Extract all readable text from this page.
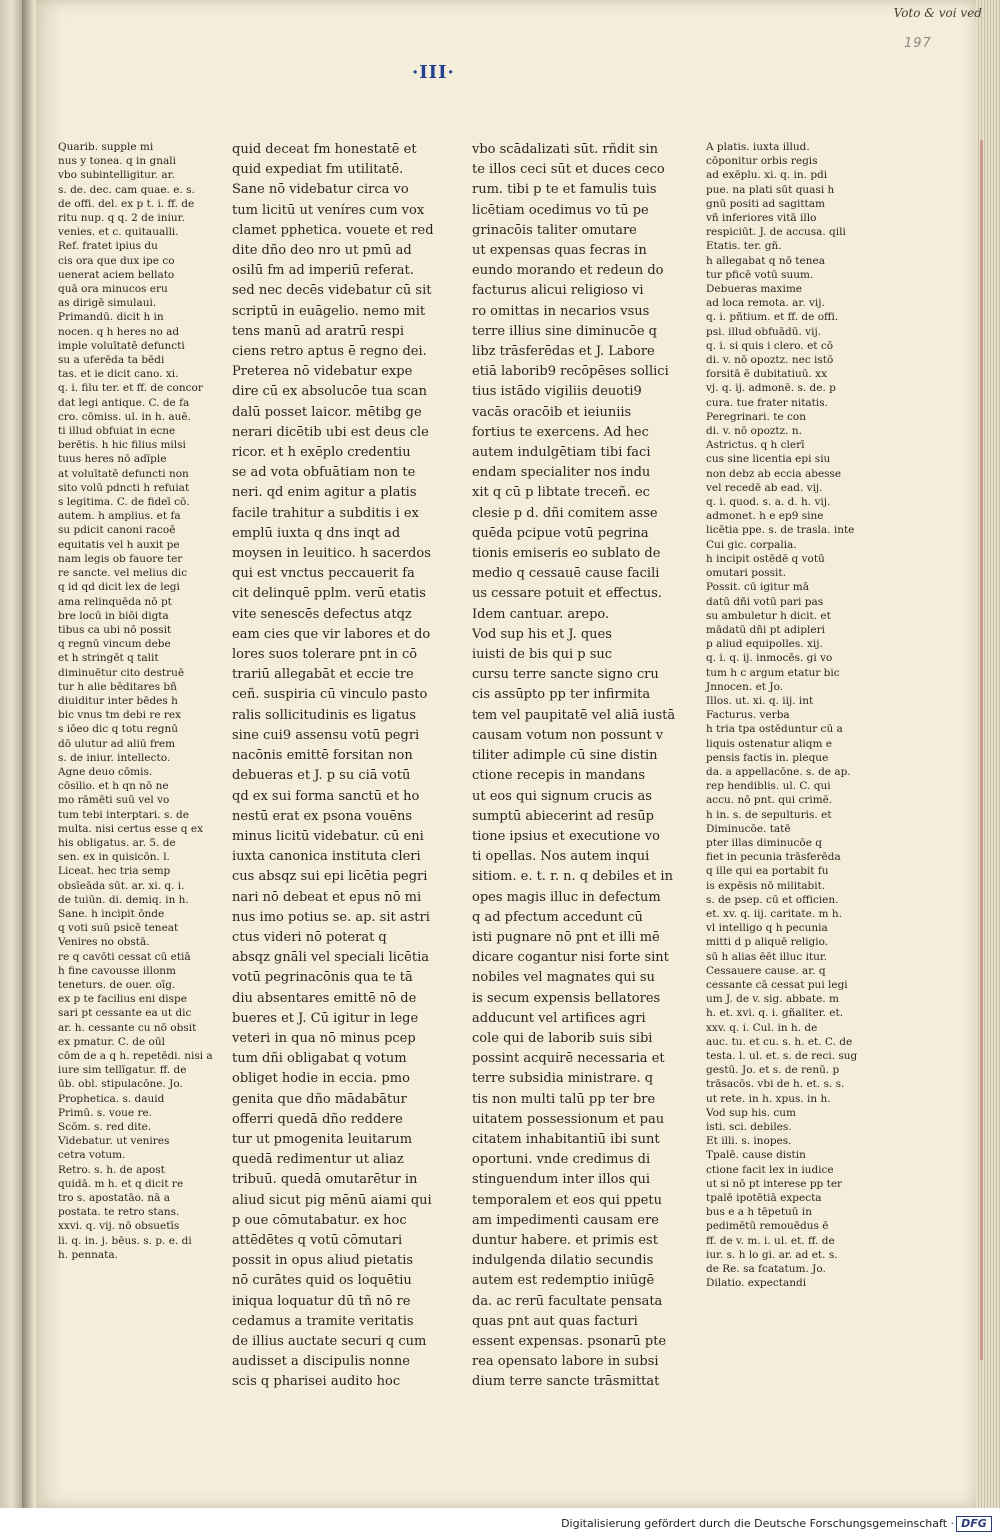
Voto & voi ved
197
·III·
Quarib. supple mi
nus y tonea. q in gnali
vbo subintelligitur. ar.
s. de. dec. cam quae. e. s.
de offi. del. ex p t. i. ff. de
ritu nup. q q. 2 de iniur.
venies. et c. quitaualli.
Ref. fratet ipius du
cis ora que dux ipe co
uenerat aciem bellato
quā ora minucos eru
as dirigē simulaui.
Primandū. dicit h in
nocen. q h heres no ad
imple voluītatē defuncti
su a uferēda ta bēdi
tas. et ie dicit cano. xi.
q. i. filu ter. et ff. de concor
dat legi antique. C. de fa
cro. cōmiss. ul. in h. auē.
ti illud obfuiat in ecne
berētis. h hic filius milsi
tuus heres nō adīple
at voluītatē defuncti non
sito volū pdncti h refuiat
s legitima. C. de fideī cō.
autem. h amplius. et fa
su pdicit canoni racoē
equitatis vel h auxit pe
nam legis ob fauore ter
re sancte. vel melius dic
q id qd dicit lex de legi
ama relinquēda nō pt
bre locū in biōi digta
tibus ca ubi nō possit
q regnū vincum debe
et h stringēt q talit
diminuētur cito destruē
tur h alie bēditares bñ
diuiditur inter bēdes h
bic vnus tm debi re rex
s iōeo dic q totu regnū
dō ulutur ad aliū frem
s. de iniur. intellecto.
Agne deuo cōmis.
cōsilio. et h qn nō ne
mo rāmēti suū vel vo
tum tebi interptari. s. de
multa. nisi certus esse q ex
his obligatus. ar. 5. de
sen. ex in quisicōn. l.
Liceat. hec tria semp
obsīeāda sūt. ar. xi. q. i.
de tuiūn. di. demiq. in h.
Sane. h incipit ōnde
q voti suū psicē teneat
Venires no obstā.
re q cavōti cessat cū etiā
h fine cavousse illonm
teneturs. de ouer. oīg.
ex p te facilius eni dispe
sari pt cessante ea ut dic
ar. h. cessante cu nō obsit
ex pmatur. C. de oūl
cōm de a q h. repetēdi. nisi a
iure sim tellīgatur. ff. de
ūb. obl. stipulacōne. Jo.
Prophetica. s. dauid
Primū. s. voue re.
Scōm. s. red dite.
Videbatur. ut venires
cetra votum.
Retro. s. h. de apost
quidā. m h. et q dicit re
tro s. apostatāo. nā a
postata. te retro stans.
xxvi. q. vij. nō obsuetīs
li. q. in. j. bēus. s. p. e. di
h. pennata.
quid deceat fm honestatē et
quid expediat fm utilitatē.
Sane nō videbatur circa vo
tum licitū ut veníres cum vox
clamet pphetica. vouete et red
dite dño deo nro ut pmū ad
osilū fm ad imperiū referat.
sed nec decēs videbatur cū sit
scriptū in euāgelio. nemo mit
tens manū ad aratrū respi
ciens retro aptus ē regno dei.
Preterea nō videbatur expe
dire cū ex absolucōe tua scan
dalū posset laicor. mētibg ge
nerari dicētib ubi est deus cle
ricor. et h exēplo credentiu
se ad vota obfuātiam non te
neri. qd enim agitur a platis
facile trahitur a subditis i ex
emplū iuxta q dns inqt ad
moysen in leuitico. h sacerdos
qui est vnctus peccauerit fa
cit delinquē pplm. verū etatis
vite senescēs defectus atqz
eam cies que vir labores et do
lores suos tolerare pnt in cō
trariū allegabāt et eccie tre
ceñ. suspiria cū vinculo pasto
ralis sollicitudinis es ligatus
sine cui9 assensu votū pegri
nacōnis emittē forsitan non
debueras et J. p su ciā votū
qd ex sui forma sanctū et ho
nestū erat ex psona vouēns
minus licitū videbatur. cū eni
iuxta canonica instituta cleri
cus absqz sui epi licētia pegri
nari nō debeat et epus nō mi
nus imo potius se. ap. sit astri
ctus videri nō poterat q
absqz gnāli vel speciali licētia
votū pegrinacōnis qua te tā
diu absentares emittē nō de
bueres et J. Cū igitur in lege
veteri in qua nō minus pcep
tum dñi obligabat q votum
obliget hodie in eccia. pmo
genita que dño mādabātur
offerri quedā dño reddere
tur ut pmogenita leuitarum
quedā redimentur ut aliaz
tribuū. quedā omutarētur in
aliud sicut pig mēnū aiami qui
p oue cōmutabatur. ex hoc
attēdētes q votū cōmutari
possit in opus aliud pietatis
nō curātes quid os loquētiu
iniqua loquatur dū tñ nō re
cedamus a tramite veritatis
de illius auctate securi q cum
audisset a discipulis nonne
scis q pharisei audito hoc
vbo scādalizati sūt. rñdit sin
te illos ceci sūt et duces ceco
rum. tibi p te et famulis tuis
licētiam ocedimus vo tū pe
grinacōis taliter omutare
ut expensas quas fecras in
eundo morando et redeun do
facturus alicui religioso vi
ro omittas in necarios vsus
terre illius sine diminucōe q
libz trāsferēdas et J. Labore
etiā laborib9 recōpēses sollici
tius istādo vigiliis deuoti9
vacās oracōib et ieiuniis
fortius te exercens. Ad hec
autem indulgētiam tibi faci
endam specialiter nos indu
xit q cū p libtate treceñ. ec
clesie p d. dñi comitem asse
quēda pcipue votū pegrina
tionis emiseris eo sublato de
medio q cessauē cause facili
us cessare potuit et effectus.
Idem cantuar. arepo.
Vod sup his et J. ques
iuisti de bis qui p suc
cursu terre sancte signo cru
cis assūpto pp ter infirmita
tem vel paupitatē vel aliā iustā
causam votum non possunt v
tiliter adimple cū sine distin
ctione recepis in mandans
ut eos qui signum crucis as
sumptū abiecerint ad resūp
tione ipsius et executione vo
ti opellas. Nos autem inqui
sitiom. e. t. r. n. q debiles et in
opes magis illuc in defectum
q ad pfectum accedunt cū
isti pugnare nō pnt et illi mē
dicare cogantur nisi forte sint
nobiles vel magnates qui su
is secum expensis bellatores
adducunt vel artifices agri
cole qui de laborib suis sibi
possint acquirē necessaria et
terre subsidia ministrare. q
tis non multi talū pp ter bre
uitatem possessionum et pau
citatem inhabitantiū ibi sunt
oportuni. vnde credimus di
stinguendum inter illos qui
temporalem et eos qui ppetu
am impedimenti causam ere
duntur habere. et primis est
indulgenda dilatio secundis
autem est redemptio iniūgē
da. ac rerū facultate pensata
quas pnt aut quas facturi
essent expensas. psonarū pte
rea opensato labore in subsi
dium terre sancte trāsmittat
A platis. iuxta illud.
cōponitur orbis regis
ad exēplu. xi. q. in. pdi
pue. na plati sūt quasi h
gnū positi ad sagittam
vñ inferiores vitā illo
respiciūt. J. de accusa. qili
Etatis. ter. gñ.
h allegabat q nō tenea
tur pficē votū suum.
Debueras maxime
ad loca remota. ar. vij.
q. i. pñtium. et ff. de offi.
psi. illud obfuādū. vij.
q. i. si quis i clero. et cō
di. v. nō opoztz. nec istō
forsitā ē dubitatiuū. xx
vj. q. ij. admonē. s. de. p
cura. tue frater nitatis.
Peregrinari. te con
di. v. nō opoztz. n.
Astrictus. q h clerī
cus sine licentia epi siu
non debz ab eccia abesse
vel recedē ab ead. vij.
q. i. quod. s. a. d. h. vij.
admonet. h e ep9 sine
licētia ppe. s. de trasla. inte
Cui gic. corpalia.
h incipit ostēdē q votū
omutari possit.
Possit. cū igitur mā
datū dñi votū pari pas
su ambuletur h dicit. et
mādatū dñi pt adipleri
p aliud equipolles. xij.
q. i. q. ij. inmocēs. gi vo
tum h c argum etatur bic
Jnnocen. et Jo.
Illos. ut. xi. q. iij. int
Facturus. verba
h tria tpa ostēduntur cū a
liquis ostenatur aliqm e
pensis factis in. pleque
da. a appellacōne. s. de ap.
rep hendiblis. ul. C. qui
accu. nō pnt. qui crimē.
h in. s. de sepulturis. et
Diminucōe. tatē
pter illas diminucōe q
fiet in pecunia trāsferēda
q ille qui ea portabit fu
is expēsis nō militabit.
s. de psep. cū et officien.
et. xv. q. iij. caritate. m h.
vl intelligo q h pecunia
mitti d p aliquē religio.
sū h alias ēēt illuc itur.
Cessauere cause. ar. q
cessante cā cessat pui legi
um J. de v. sig. abbate. m
h. et. xvi. q. i. gñaliter. et.
xxv. q. i. Cul. in h. de
auc. tu. et cu. s. h. et. C. de
testa. l. ul. et. s. de reci. sug
gestū. Jo. et s. de renū. p
trāsacōs. vbi de h. et. s. s.
ut rete. in h. xpus. in h.
Vod sup his. cum
isti. sci. debiles.
Et illi. s. inopes.
Tpalē. cause distin
ctione facit lex in iudice
ut si nō pt interese pp ter
tpalē ipotētiā expecta
bus e a h tēpetuū in
pedimētū remouēdus ē
ff. de v. m. i. ul. et. ff. de
iur. s. h lo gi. ar. ad et. s.
de Re. sa fcatatum. Jo.
Dilatio. expectandi
Digitalisierung gefördert durch die Deutsche Forschungsgemeinschaft · DFG
